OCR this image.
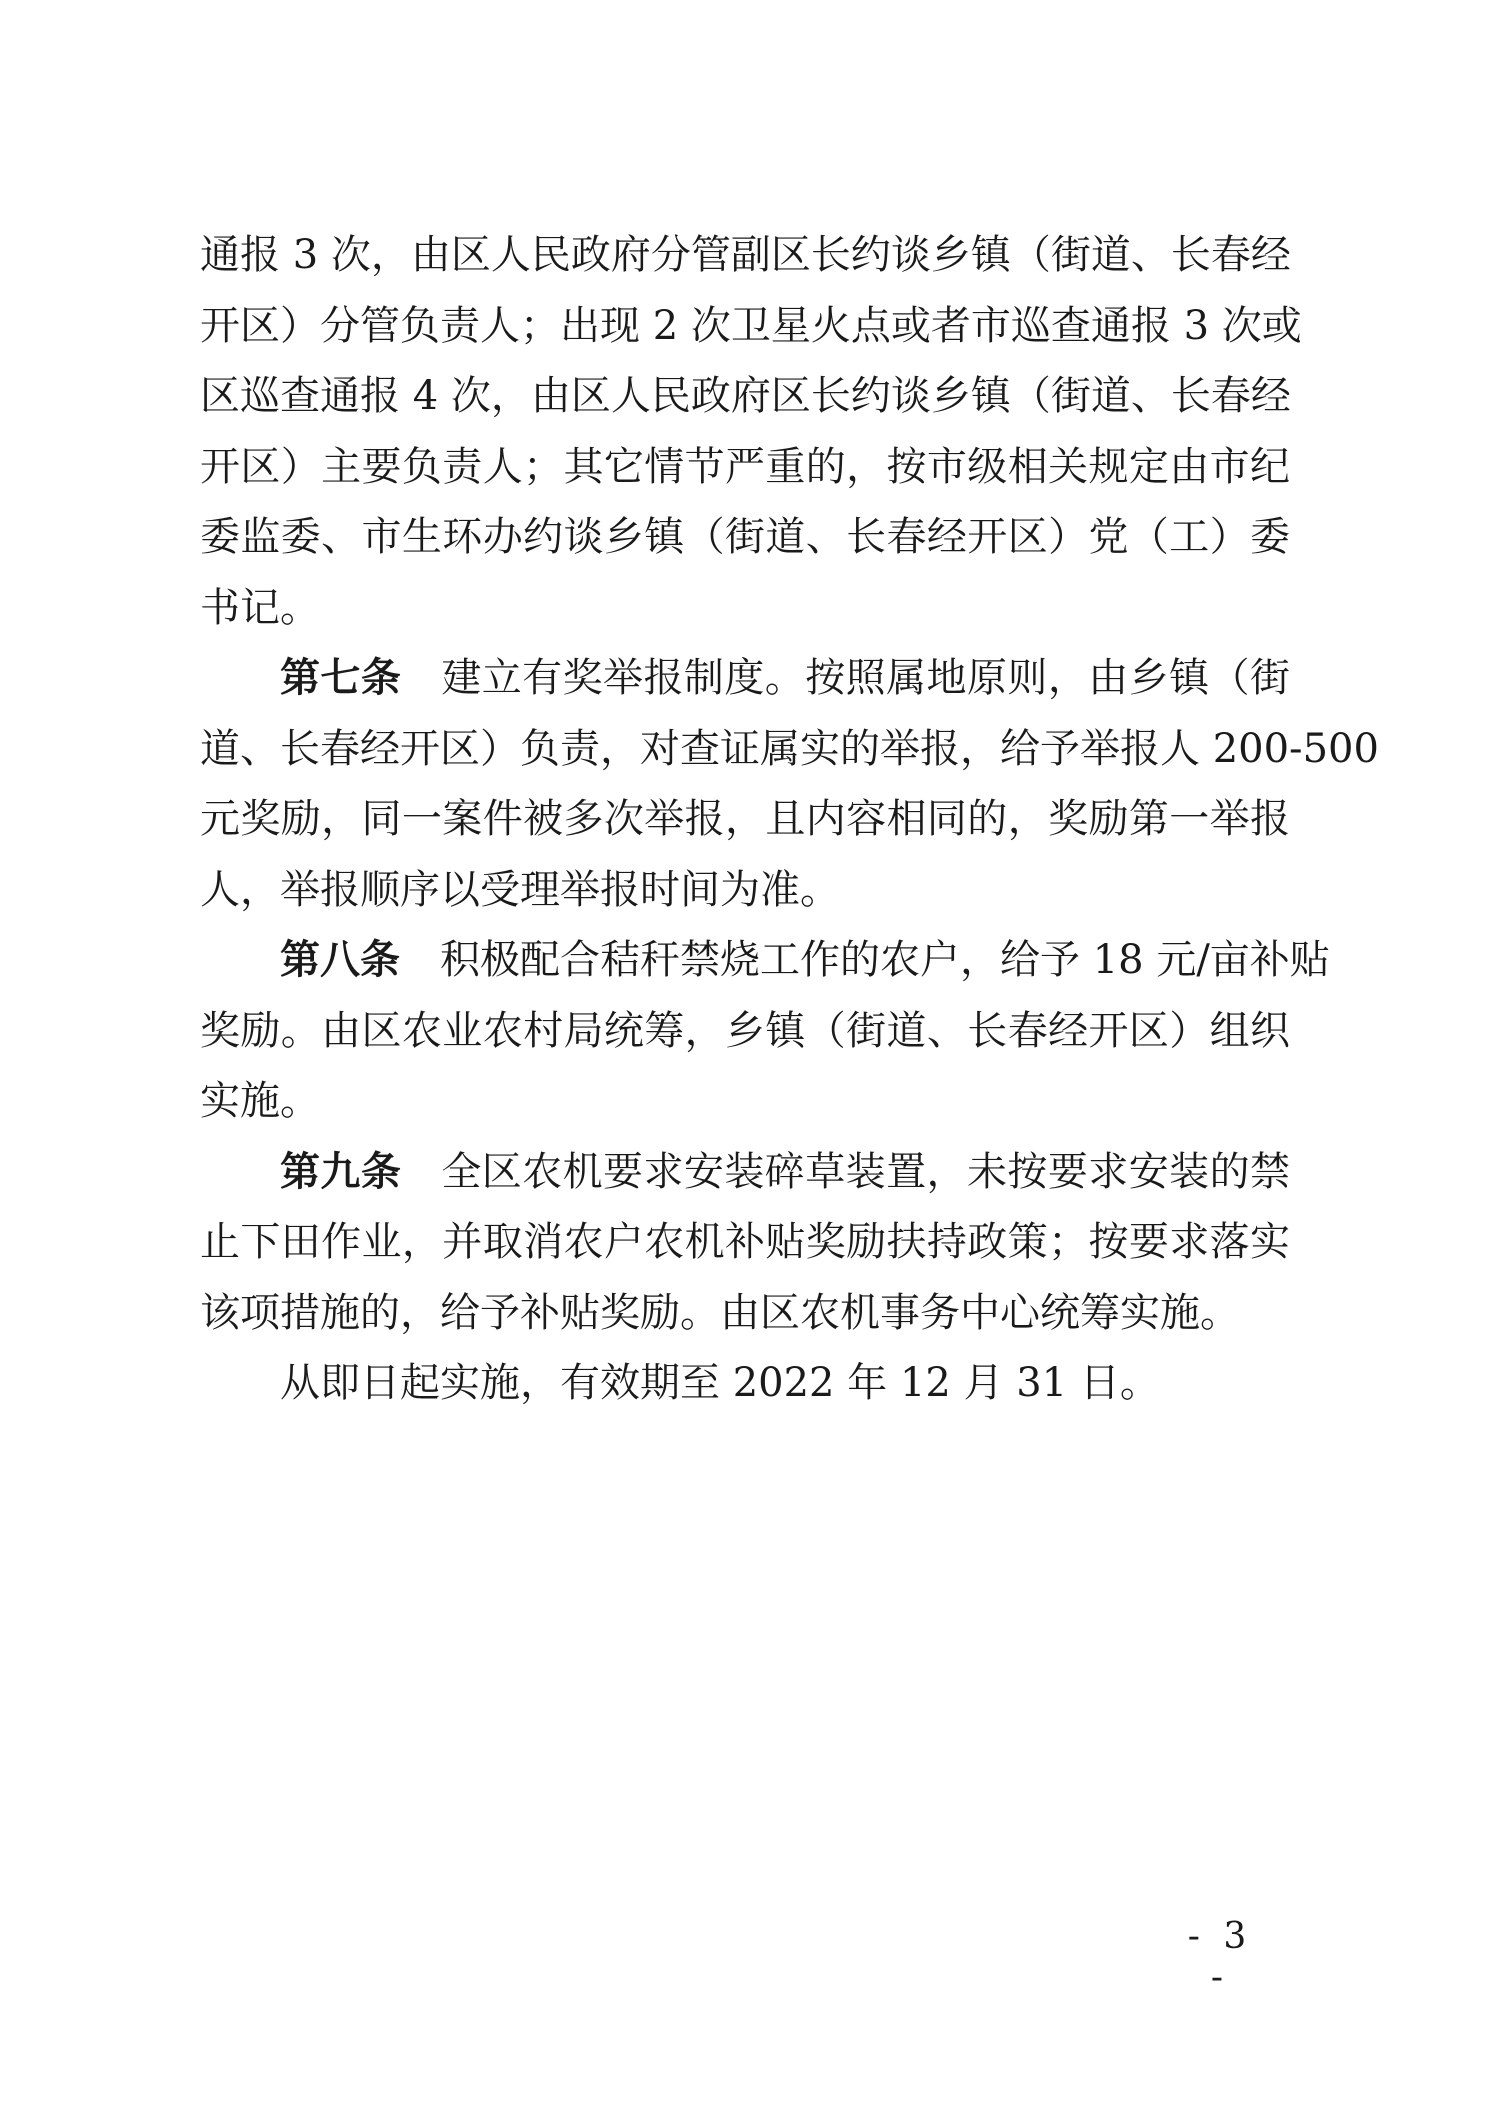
通报 3 次，由区人民政府分管副区长约谈乡镇（街道、长春经
开区）分管负责人；出现 2 次卫星火点或者市巡查通报 3 次或
区巡查通报 4 次，由区人民政府区长约谈乡镇（街道、长春经
开区）主要负责人；其它情节严重的，按市级相关规定由市纪
委监委、市生环办约谈乡镇（街道、长春经开区）党（工）委
书记。
第七条 建立有奖举报制度。按照属地原则，由乡镇（街
道、长春经开区）负责，对查证属实的举报，给予举报人 200-500
元奖励，同一案件被多次举报，且内容相同的，奖励第一举报
人，举报顺序以受理举报时间为准。
第八条 积极配合秸秆禁烧工作的农户，给予 18 元/亩补贴
奖励。由区农业农村局统筹，乡镇（街道、长春经开区）组织
实施。
第九条 全区农机要求安装碎草装置，未按要求安装的禁
止下田作业，并取消农户农机补贴奖励扶持政策；按要求落实
该项措施的，给予补贴奖励。由区农机事务中心统筹实施。
从即日起实施，有效期至 2022 年 12 月 31 日。
- 3 -
